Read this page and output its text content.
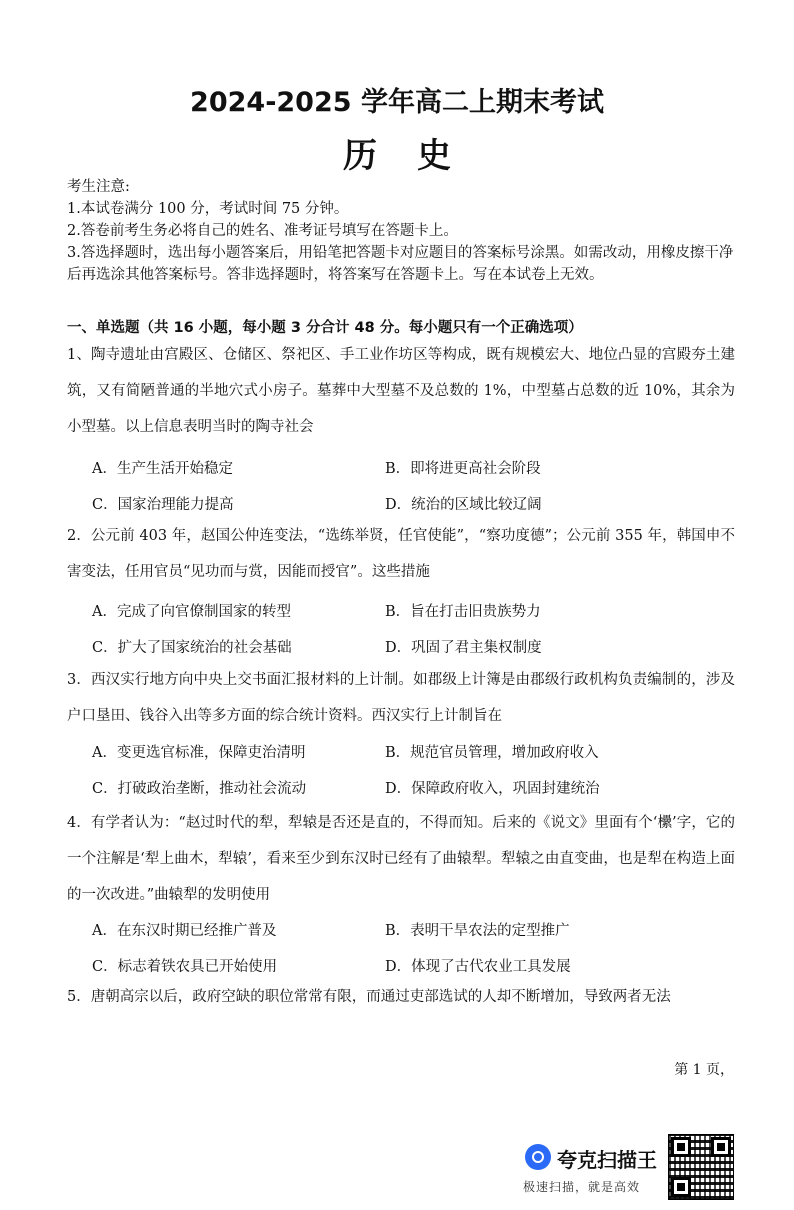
2024-2025 学年高二上期末考试
历 史

考生注意:

1.本试卷满分 100 分，考试时间 75 分钟。

2.答卷前考生务必将自己的姓名、准考证号填写在答题卡上。

3.答选择题时，选出每小题答案后，用铅笔把答题卡对应题目的答案标号涂黑。如需改动，用橡皮擦干净后再选涂其他答案标号。答非选择题时，将答案写在答题卡上。写在本试卷上无效。

一、单选题（共 16 小题，每小题 3 分合计 48 分。每小题只有一个正确选项）

1、陶寺遗址由宫殿区、仓储区、祭祀区、手工业作坊区等构成，既有规模宏大、地位凸显的宫殿夯土建筑，又有简陋普通的半地穴式小房子。墓葬中大型墓不及总数的 1%，中型墓占总数的近 10%，其余为小型墓。以上信息表明当时的陶寺社会

A．生产生活开始稳定	B．即将进更高社会阶段
C．国家治理能力提高	D．统治的区域比较辽阔

2．公元前 403 年，赵国公仲连变法，“选练举贤，任官使能”，“察功度德”；公元前 355 年，韩国申不害变法，任用官员“见功而与赏，因能而授官”。这些措施

A．完成了向官僚制国家的转型	B．旨在打击旧贵族势力
C．扩大了国家统治的社会基础	D．巩固了君主集权制度

3．西汉实行地方向中央上交书面汇报材料的上计制。如郡级上计簿是由郡级行政机构负责编制的，涉及户口垦田、钱谷入出等多方面的综合统计资料。西汉实行上计制旨在

A．变更选官标准，保障吏治清明	B．规范官员管理，增加政府收入
C．打破政治垄断，推动社会流动	D．保障政府收入，巩固封建统治

4．有学者认为：“赵过时代的犁，犁辕是否还是直的，不得而知。后来的《说文》里面有个‘欙’字，它的一个注解是‘犁上曲木，犁辕’，看来至少到东汉时已经有了曲辕犁。犁辕之由直变曲，也是犁在构造上面的一次改进。”曲辕犁的发明使用

A．在东汉时期已经推广普及	B．表明干旱农法的定型推广
C．标志着铁农具已开始使用	D．体现了古代农业工具发展

5．唐朝高宗以后，政府空缺的职位常常有限，而通过吏部选试的人却不断增加，导致两者无法

第 1 页，
夸克扫描王
极速扫描，就是高效
